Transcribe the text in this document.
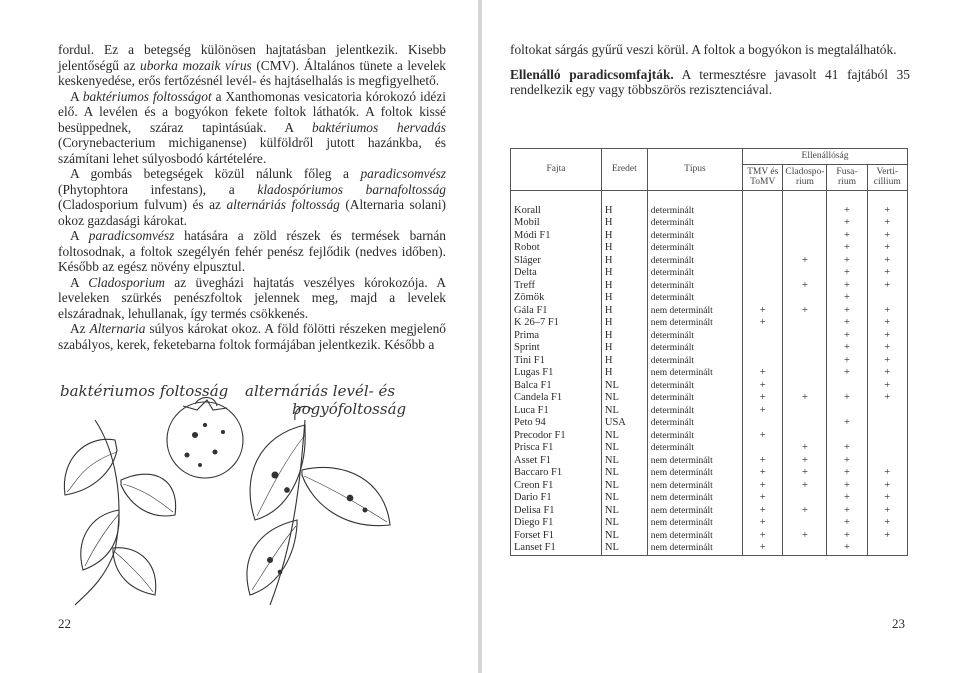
fordul. Ez a betegség különösen hajtatásban jelentkezik. Kisebb jelentőségű az uborka mozaik vírus (CMV). Általános tünete a levelek keskenyedése, erős fertőzésnél levél- és hajtáselhalás is megfigyelhető.

A baktériumos foltosságot a Xanthomonas vesicatoria kórokozó idézi elő. A levélen és a bogyókon fekete foltok láthatók. A foltok kissé besüppednek, száraz tapintásúak. A baktériumos hervadás (Corynebacterium michiganense) külföldről jutott hazánkba, és számítani lehet súlyosbodó kártételére.

A gombás betegségek közül nálunk főleg a paradicsomvész (Phytophtora infestans), a kladospóriumos barnafoltosság (Cladosporium fulvum) és az alternáriás foltosság (Alternaria solani) okoz gazdasági károkat.

A paradicsomvész hatására a zöld részek és termések barnán foltosodnak, a foltok szegélyén fehér penész fejlődik (nedves időben). Később az egész növény elpusztul.

A Cladosporium az üvegházi hajtatás veszélyes kórokozója. A leveleken szürkés penészfoltok jelennek meg, majd a levelek elszáradnak, lehullanak, így termés csökkenés.

Az Alternaria súlyos károkat okoz. A föld fölötti részeken megjelenő szabályos, kerek, feketebarna foltok formájában jelentkezik. Később a

baktériumos foltosság alternáriás levél- és
bogyófoltosság
22

foltokat sárgás gyűrű veszi körül. A foltok a bogyókon is megtalálhatók.

Ellenálló paradicsomfajták. A termesztésre javasolt 41 fajtából 35 rendelkezik egy vagy többszörös rezisztenciával.

Fajta	Eredet	Típus	Ellenállóság			
			TMV és ToMV	Cladospo-rium	Fusa-rium	Verti-cillium
Korall	H	determinált			+	+
Mobil	H	determinált			+	+
Módi F1	H	determinált			+	+
Robot	H	determinált			+	+
Sláger	H	determinált		+	+	+
Delta	H	determinált			+	+
Treff	H	determinált		+	+	+
Zömök	H	determinált			+	
Gála F1	H	nem determinált	+	+	+	+
K 26–7 F1	H	nem determinált	+		+	+
Prima	H	determinált			+	+
Sprint	H	determinált			+	+
Tini F1	H	determinált			+	+
Lugas F1	H	nem determinált	+		+	+
Balca F1	NL	determinált	+			+
Candela F1	NL	determinált	+	+	+	+
Luca F1	NL	determinált	+			
Peto 94	USA	determinált			+	
Precodor F1	NL	determinált	+			
Prisca F1	NL	determinált		+	+	
Asset F1	NL	nem determinált	+	+	+	
Baccaro F1	NL	nem determinált	+	+	+	+
Creon F1	NL	nem determinált	+	+	+	+
Dario F1	NL	nem determinált	+		+	+
Delisa F1	NL	nem determinált	+	+	+	+
Diego F1	NL	nem determinált	+		+	+
Forset F1	NL	nem determinált	+	+	+	+
Lanset F1	NL	nem determinált	+		+	
23
